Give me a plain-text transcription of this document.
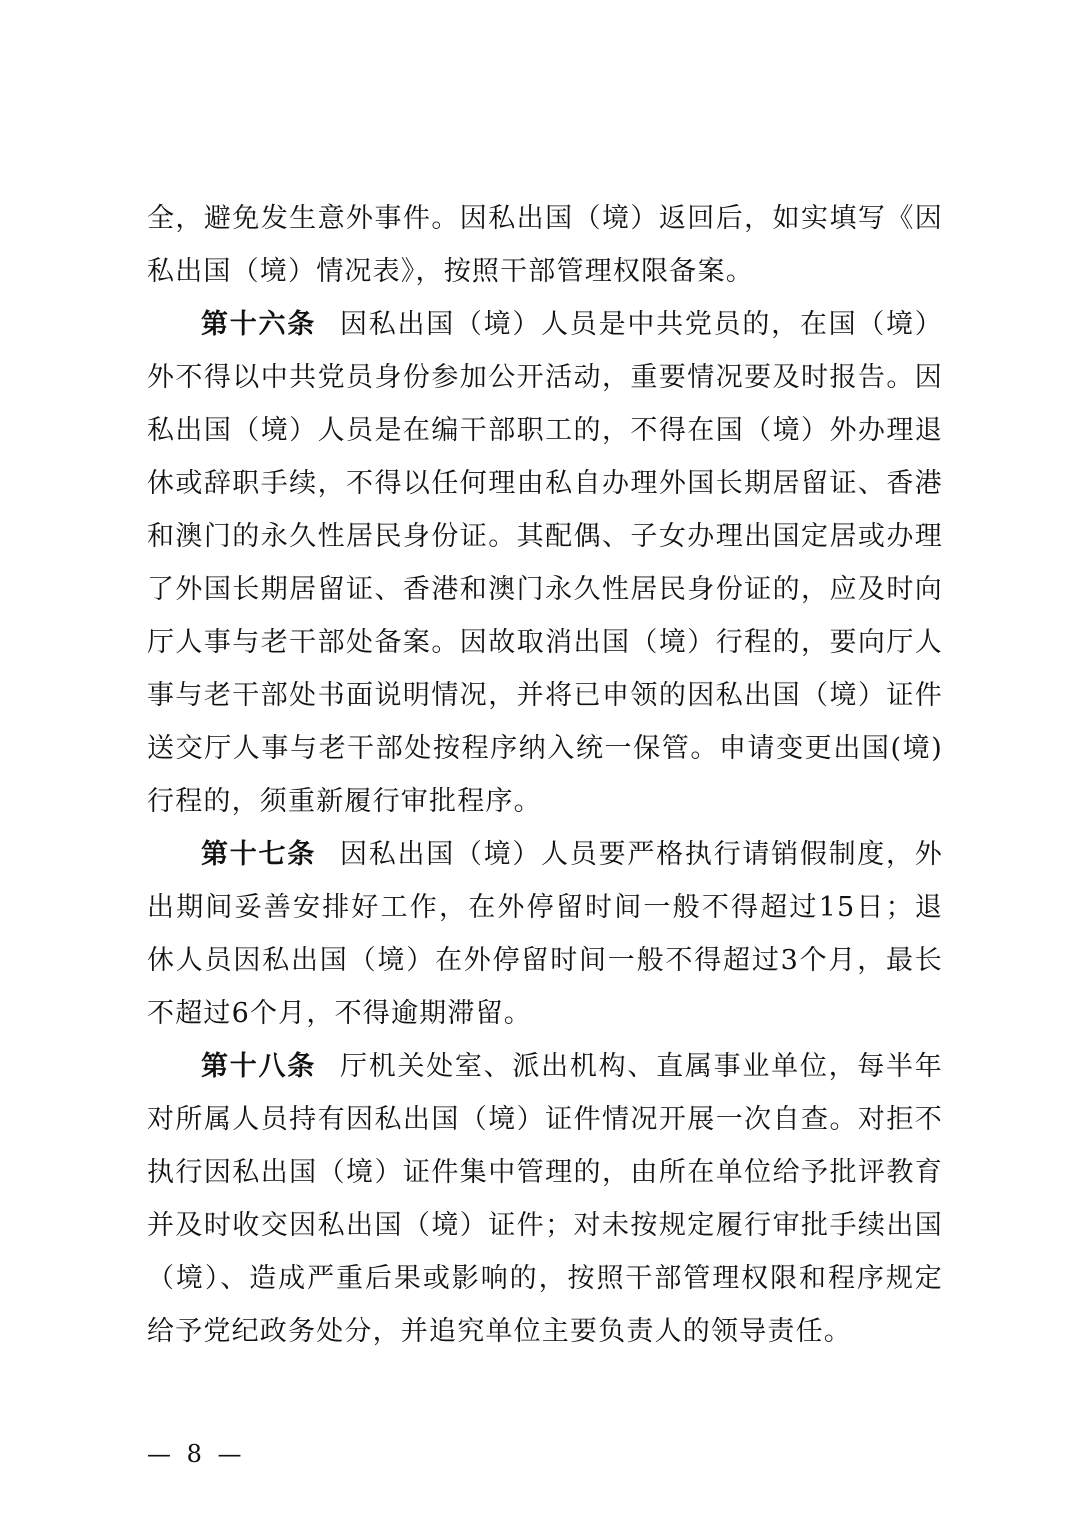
全，避免发生意外事件。因私出国（境）返回后，如实填写《因私出国（境）情况表》，按照干部管理权限备案。

第十六条 因私出国（境）人员是中共党员的，在国（境）外不得以中共党员身份参加公开活动，重要情况要及时报告。因私出国（境）人员是在编干部职工的，不得在国（境）外办理退休或辞职手续，不得以任何理由私自办理外国长期居留证、香港和澳门的永久性居民身份证。其配偶、子女办理出国定居或办理了外国长期居留证、香港和澳门永久性居民身份证的，应及时向厅人事与老干部处备案。因故取消出国（境）行程的，要向厅人事与老干部处书面说明情况，并将已申领的因私出国（境）证件送交厅人事与老干部处按程序纳入统一保管。申请变更出国(境)行程的，须重新履行审批程序。

第十七条 因私出国（境）人员要严格执行请销假制度，外出期间妥善安排好工作，在外停留时间一般不得超过15日；退休人员因私出国（境）在外停留时间一般不得超过3个月，最长不超过6个月，不得逾期滞留。

第十八条 厅机关处室、派出机构、直属事业单位，每半年对所属人员持有因私出国（境）证件情况开展一次自查。对拒不执行因私出国（境）证件集中管理的，由所在单位给予批评教育并及时收交因私出国（境）证件；对未按规定履行审批手续出国（境）、造成严重后果或影响的，按照干部管理权限和程序规定给予党纪政务处分，并追究单位主要负责人的领导责任。

— 8 —
